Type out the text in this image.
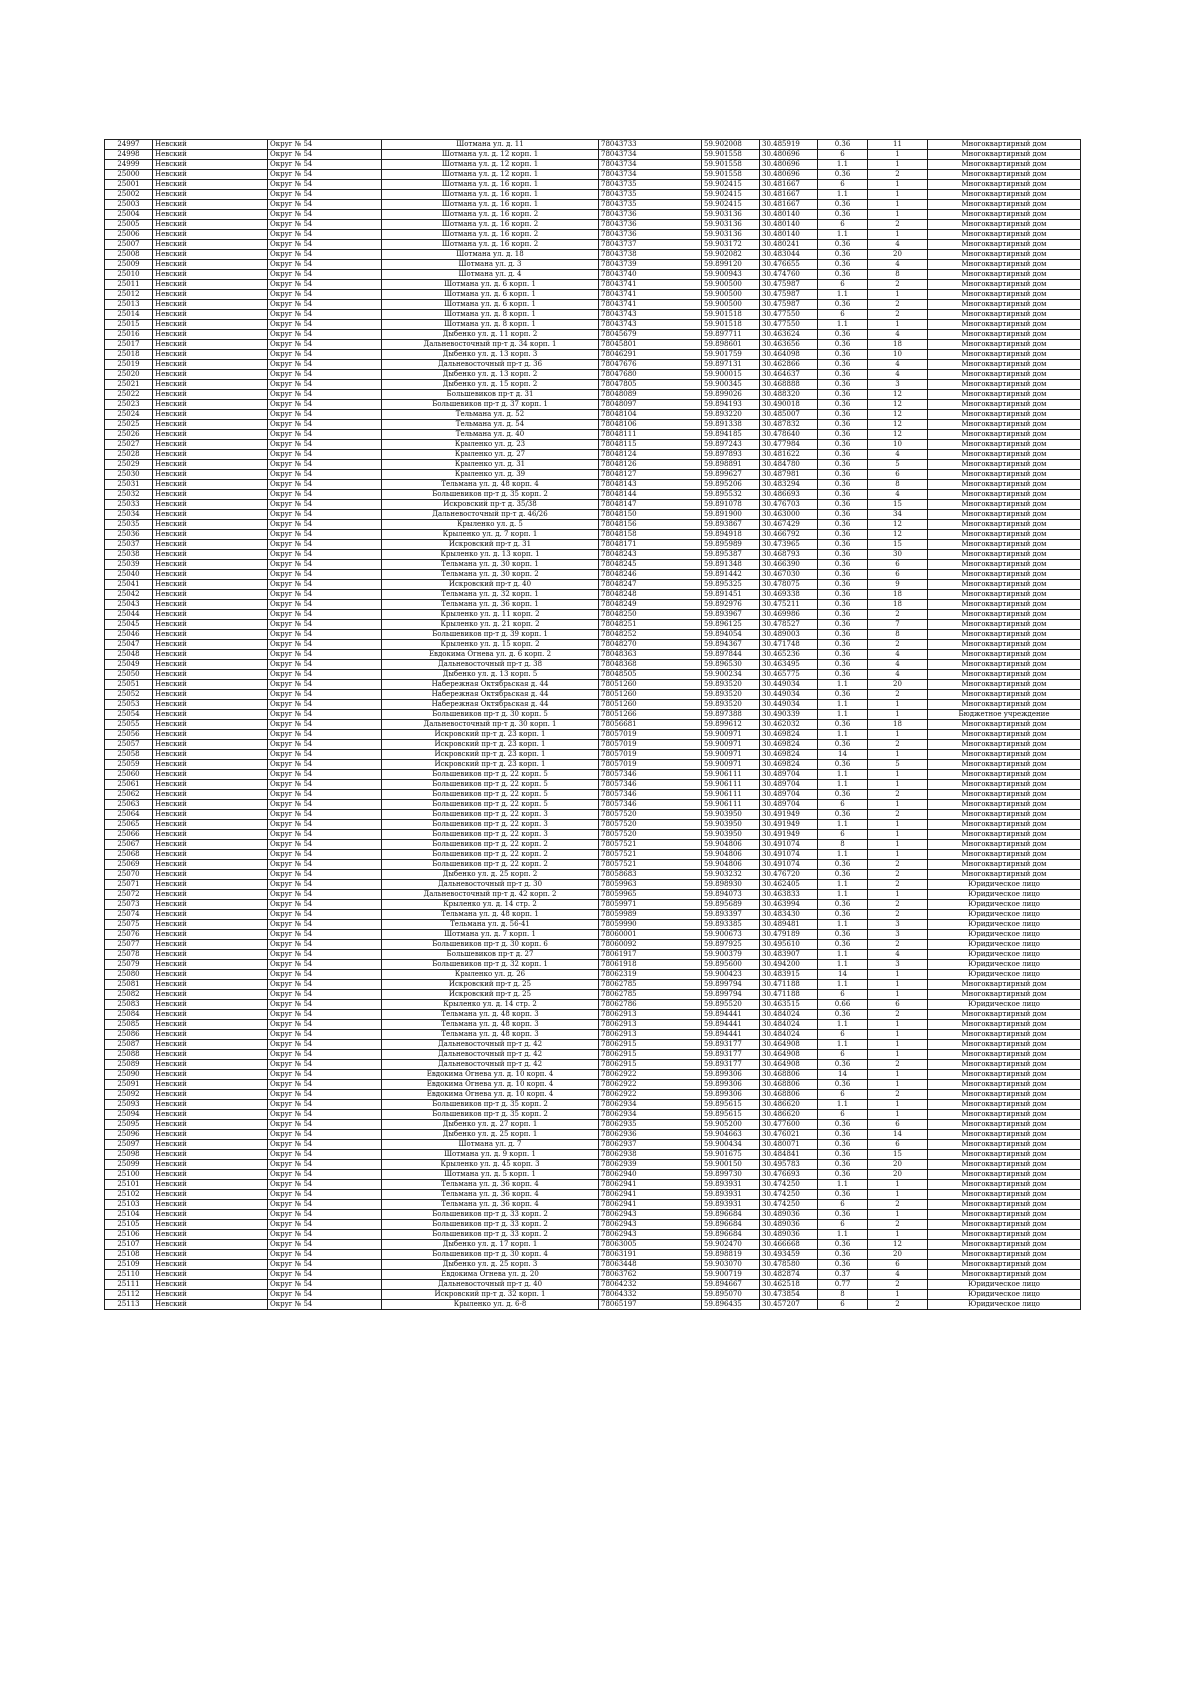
24997	Невский	Округ № 54	Шотмана ул. д. 11	78043733	59.902008	30.485919	0.36	11	Многоквартирный дом
24998	Невский	Округ № 54	Шотмана ул. д. 12 корп. 1	78043734	59.901558	30.480696	6	1	Многоквартирный дом
24999	Невский	Округ № 54	Шотмана ул. д. 12 корп. 1	78043734	59.901558	30.480696	1.1	1	Многоквартирный дом
25000	Невский	Округ № 54	Шотмана ул. д. 12 корп. 1	78043734	59.901558	30.480696	0.36	2	Многоквартирный дом
25001	Невский	Округ № 54	Шотмана ул. д. 16 корп. 1	78043735	59.902415	30.481667	6	1	Многоквартирный дом
25002	Невский	Округ № 54	Шотмана ул. д. 16 корп. 1	78043735	59.902415	30.481667	1.1	1	Многоквартирный дом
25003	Невский	Округ № 54	Шотмана ул. д. 16 корп. 1	78043735	59.902415	30.481667	0.36	1	Многоквартирный дом
25004	Невский	Округ № 54	Шотмана ул. д. 16 корп. 2	78043736	59.903136	30.480140	0.36	1	Многоквартирный дом
25005	Невский	Округ № 54	Шотмана ул. д. 16 корп. 2	78043736	59.903136	30.480140	6	2	Многоквартирный дом
25006	Невский	Округ № 54	Шотмана ул. д. 16 корп. 2	78043736	59.903136	30.480140	1.1	1	Многоквартирный дом
25007	Невский	Округ № 54	Шотмана ул. д. 16 корп. 2	78043737	59.903172	30.480241	0.36	4	Многоквартирный дом
25008	Невский	Округ № 54	Шотмана ул. д. 18	78043738	59.902082	30.483044	0.36	20	Многоквартирный дом
25009	Невский	Округ № 54	Шотмана ул. д. 3	78043739	59.899120	30.476655	0.36	4	Многоквартирный дом
25010	Невский	Округ № 54	Шотмана ул. д. 4	78043740	59.900943	30.474760	0.36	8	Многоквартирный дом
25011	Невский	Округ № 54	Шотмана ул. д. 6 корп. 1	78043741	59.900500	30.475987	6	2	Многоквартирный дом
25012	Невский	Округ № 54	Шотмана ул. д. 6 корп. 1	78043741	59.900500	30.475987	1.1	1	Многоквартирный дом
25013	Невский	Округ № 54	Шотмана ул. д. 6 корп. 1	78043741	59.900500	30.475987	0.36	2	Многоквартирный дом
25014	Невский	Округ № 54	Шотмана ул. д. 8 корп. 1	78043743	59.901518	30.477550	6	2	Многоквартирный дом
25015	Невский	Округ № 54	Шотмана ул. д. 8 корп. 1	78043743	59.901518	30.477550	1.1	1	Многоквартирный дом
25016	Невский	Округ № 54	Дыбенко ул. д. 11 корп. 2	78045679	59.897711	30.463624	0.36	4	Многоквартирный дом
25017	Невский	Округ № 54	Дальневосточный пр-т д. 34 корп. 1	78045801	59.898601	30.463656	0.36	18	Многоквартирный дом
25018	Невский	Округ № 54	Дыбенко ул. д. 13 корп. 3	78046291	59.901759	30.464098	0.36	10	Многоквартирный дом
25019	Невский	Округ № 54	Дальневосточный пр-т д. 36	78047676	59.897131	30.462866	0.36	4	Многоквартирный дом
25020	Невский	Округ № 54	Дыбенко ул. д. 13 корп. 2	78047680	59.900015	30.464637	0.36	4	Многоквартирный дом
25021	Невский	Округ № 54	Дыбенко ул. д. 15 корп. 2	78047805	59.900345	30.468888	0.36	3	Многоквартирный дом
25022	Невский	Округ № 54	Большевиков пр-т д. 31	78048089	59.899026	30.488320	0.36	12	Многоквартирный дом
25023	Невский	Округ № 54	Большевиков пр-т д. 37 корп. 1	78048097	59.894193	30.490018	0.36	12	Многоквартирный дом
25024	Невский	Округ № 54	Тельмана ул. д. 52	78048104	59.893220	30.485007	0.36	12	Многоквартирный дом
25025	Невский	Округ № 54	Тельмана ул. д. 54	78048106	59.891338	30.487832	0.36	12	Многоквартирный дом
25026	Невский	Округ № 54	Тельмана ул. д. 40	78048111	59.894185	30.478640	0.36	12	Многоквартирный дом
25027	Невский	Округ № 54	Крыленко ул. д. 23	78048115	59.897243	30.477984	0.36	10	Многоквартирный дом
25028	Невский	Округ № 54	Крыленко ул. д. 27	78048124	59.897893	30.481622	0.36	4	Многоквартирный дом
25029	Невский	Округ № 54	Крыленко ул. д. 31	78048126	59.898891	30.484780	0.36	5	Многоквартирный дом
25030	Невский	Округ № 54	Крыленко ул. д. 39	78048127	59.899627	30.487981	0.36	6	Многоквартирный дом
25031	Невский	Округ № 54	Тельмана ул. д. 48 корп. 4	78048143	59.895206	30.483294	0.36	8	Многоквартирный дом
25032	Невский	Округ № 54	Большевиков пр-т д. 35 корп. 2	78048144	59.895532	30.486693	0.36	4	Многоквартирный дом
25033	Невский	Округ № 54	Искровский пр-т д. 35/38	78048147	59.891078	30.476703	0.36	15	Многоквартирный дом
25034	Невский	Округ № 54	Дальневосточный пр-т д. 46/26	78048150	59.891900	30.463000	0.36	34	Многоквартирный дом
25035	Невский	Округ № 54	Крыленко ул. д. 5	78048156	59.893867	30.467429	0.36	12	Многоквартирный дом
25036	Невский	Округ № 54	Крыленко ул. д. 7 корп. 1	78048158	59.894918	30.466792	0.36	12	Многоквартирный дом
25037	Невский	Округ № 54	Искровский пр-т д. 31	78048171	59.895989	30.473965	0.36	15	Многоквартирный дом
25038	Невский	Округ № 54	Крыленко ул. д. 13 корп. 1	78048243	59.895387	30.468793	0.36	30	Многоквартирный дом
25039	Невский	Округ № 54	Тельмана ул. д. 30 корп. 1	78048245	59.891348	30.466390	0.36	6	Многоквартирный дом
25040	Невский	Округ № 54	Тельмана ул. д. 30 корп. 2	78048246	59.891442	30.467030	0.36	6	Многоквартирный дом
25041	Невский	Округ № 54	Искровский пр-т д. 40	78048247	59.895325	30.478075	0.36	9	Многоквартирный дом
25042	Невский	Округ № 54	Тельмана ул. д. 32 корп. 1	78048248	59.891451	30.469338	0.36	18	Многоквартирный дом
25043	Невский	Округ № 54	Тельмана ул. д. 36 корп. 1	78048249	59.892976	30.475211	0.36	18	Многоквартирный дом
25044	Невский	Округ № 54	Крыленко ул. д. 11 корп. 2	78048250	59.893967	30.469986	0.36	2	Многоквартирный дом
25045	Невский	Округ № 54	Крыленко ул. д. 21 корп. 2	78048251	59.896125	30.478527	0.36	7	Многоквартирный дом
25046	Невский	Округ № 54	Большевиков пр-т д. 39 корп. 1	78048252	59.894054	30.489003	0.36	8	Многоквартирный дом
25047	Невский	Округ № 54	Крыленко ул. д. 15 корп. 2	78048270	59.894367	30.471748	0.36	2	Многоквартирный дом
25048	Невский	Округ № 54	Евдокима Огнева ул. д. 6 корп. 2	78048363	59.897844	30.465236	0.36	4	Многоквартирный дом
25049	Невский	Округ № 54	Дальневосточный пр-т д. 38	78048368	59.896530	30.463495	0.36	4	Многоквартирный дом
25050	Невский	Округ № 54	Дыбенко ул. д. 13 корп. 5	78048505	59.900234	30.465775	0.36	4	Многоквартирный дом
25051	Невский	Округ № 54	Набережная Октябрьская д. 44	78051260	59.893520	30.449034	1.1	20	Многоквартирный дом
25052	Невский	Округ № 54	Набережная Октябрьская д. 44	78051260	59.893520	30.449034	0.36	2	Многоквартирный дом
25053	Невский	Округ № 54	Набережная Октябрьская д. 44	78051260	59.893520	30.449034	1.1	1	Многоквартирный дом
25054	Невский	Округ № 54	Большевиков пр-т д. 30 корп. 5	78051266	59.897388	30.490339	1.1	1	Бюджетное учреждение
25055	Невский	Округ № 54	Дальневосточный пр-т д. 30 корп. 1	78056681	59.899612	30.462032	0.36	18	Многоквартирный дом
25056	Невский	Округ № 54	Искровский пр-т д. 23 корп. 1	78057019	59.900971	30.469824	1.1	1	Многоквартирный дом
25057	Невский	Округ № 54	Искровский пр-т д. 23 корп. 1	78057019	59.900971	30.469824	0.36	2	Многоквартирный дом
25058	Невский	Округ № 54	Искровский пр-т д. 23 корп. 1	78057019	59.900971	30.469824	14	1	Многоквартирный дом
25059	Невский	Округ № 54	Искровский пр-т д. 23 корп. 1	78057019	59.900971	30.469824	0.36	5	Многоквартирный дом
25060	Невский	Округ № 54	Большевиков пр-т д. 22 корп. 5	78057346	59.906111	30.489704	1.1	1	Многоквартирный дом
25061	Невский	Округ № 54	Большевиков пр-т д. 22 корп. 5	78057346	59.906111	30.489704	1.1	1	Многоквартирный дом
25062	Невский	Округ № 54	Большевиков пр-т д. 22 корп. 5	78057346	59.906111	30.489704	0.36	2	Многоквартирный дом
25063	Невский	Округ № 54	Большевиков пр-т д. 22 корп. 5	78057346	59.906111	30.489704	6	1	Многоквартирный дом
25064	Невский	Округ № 54	Большевиков пр-т д. 22 корп. 3	78057520	59.903950	30.491949	0.36	2	Многоквартирный дом
25065	Невский	Округ № 54	Большевиков пр-т д. 22 корп. 3	78057520	59.903950	30.491949	1.1	1	Многоквартирный дом
25066	Невский	Округ № 54	Большевиков пр-т д. 22 корп. 3	78057520	59.903950	30.491949	6	1	Многоквартирный дом
25067	Невский	Округ № 54	Большевиков пр-т д. 22 корп. 2	78057521	59.904806	30.491074	8	1	Многоквартирный дом
25068	Невский	Округ № 54	Большевиков пр-т д. 22 корп. 2	78057521	59.904806	30.491074	1.1	1	Многоквартирный дом
25069	Невский	Округ № 54	Большевиков пр-т д. 22 корп. 2	78057521	59.904806	30.491074	0.36	2	Многоквартирный дом
25070	Невский	Округ № 54	Дыбенко ул. д. 25 корп. 2	78058683	59.903232	30.476720	0.36	2	Многоквартирный дом
25071	Невский	Округ № 54	Дальневосточный пр-т д. 30	78059963	59.898930	30.462405	1.1	2	Юридическое лицо
25072	Невский	Округ № 54	Дальневосточный пр-т д. 42 корп. 2	78059965	59.894073	30.463833	1.1	1	Юридическое лицо
25073	Невский	Округ № 54	Крыленко ул. д. 14 стр. 2	78059971	59.895689	30.463994	0.36	2	Юридическое лицо
25074	Невский	Округ № 54	Тельмана ул. д. 48 корп. 1	78059989	59.893397	30.483430	0.36	2	Юридическое лицо
25075	Невский	Округ № 54	Тельмана ул. д. 56-41	78059990	59.893385	30.489481	1.1	3	Юридическое лицо
25076	Невский	Округ № 54	Шотмана ул. д. 7 корп. 1	78060001	59.900673	30.479189	0.36	3	Юридическое лицо
25077	Невский	Округ № 54	Большевиков пр-т д. 30 корп. 6	78060092	59.897925	30.495610	0.36	2	Юридическое лицо
25078	Невский	Округ № 54	Большевиков пр-т д. 27	78061917	59.900379	30.483907	1.1	4	Юридическое лицо
25079	Невский	Округ № 54	Большевиков пр-т д. 32 корп. 1	78061918	59.895600	30.494200	1.1	3	Юридическое лицо
25080	Невский	Округ № 54	Крыленко ул. д. 26	78062319	59.900423	30.483915	14	1	Юридическое лицо
25081	Невский	Округ № 54	Искровский пр-т д. 25	78062785	59.899794	30.471188	1.1	1	Многоквартирный дом
25082	Невский	Округ № 54	Искровский пр-т д. 25	78062785	59.899794	30.471188	6	1	Многоквартирный дом
25083	Невский	Округ № 54	Крыленко ул. д. 14 стр. 2	78062786	59.895520	30.463515	0.66	6	Юридическое лицо
25084	Невский	Округ № 54	Тельмана ул. д. 48 корп. 3	78062913	59.894441	30.484024	0.36	2	Многоквартирный дом
25085	Невский	Округ № 54	Тельмана ул. д. 48 корп. 3	78062913	59.894441	30.484024	1.1	1	Многоквартирный дом
25086	Невский	Округ № 54	Тельмана ул. д. 48 корп. 3	78062913	59.894441	30.484024	6	1	Многоквартирный дом
25087	Невский	Округ № 54	Дальневосточный пр-т д. 42	78062915	59.893177	30.464908	1.1	1	Многоквартирный дом
25088	Невский	Округ № 54	Дальневосточный пр-т д. 42	78062915	59.893177	30.464908	6	1	Многоквартирный дом
25089	Невский	Округ № 54	Дальневосточный пр-т д. 42	78062915	59.893177	30.464908	0.36	2	Многоквартирный дом
25090	Невский	Округ № 54	Евдокима Огнева ул. д. 10 корп. 4	78062922	59.899306	30.468806	14	1	Многоквартирный дом
25091	Невский	Округ № 54	Евдокима Огнева ул. д. 10 корп. 4	78062922	59.899306	30.468806	0.36	1	Многоквартирный дом
25092	Невский	Округ № 54	Евдокима Огнева ул. д. 10 корп. 4	78062922	59.899306	30.468806	6	2	Многоквартирный дом
25093	Невский	Округ № 54	Большевиков пр-т д. 35 корп. 2	78062934	59.895615	30.486620	1.1	1	Многоквартирный дом
25094	Невский	Округ № 54	Большевиков пр-т д. 35 корп. 2	78062934	59.895615	30.486620	6	1	Многоквартирный дом
25095	Невский	Округ № 54	Дыбенко ул. д. 27 корп. 1	78062935	59.905200	30.477600	0.36	6	Многоквартирный дом
25096	Невский	Округ № 54	Дыбенко ул. д. 25 корп. 1	78062936	59.904663	30.476021	0.36	14	Многоквартирный дом
25097	Невский	Округ № 54	Шотмана ул. д. 7	78062937	59.900434	30.480071	0.36	6	Многоквартирный дом
25098	Невский	Округ № 54	Шотмана ул. д. 9 корп. 1	78062938	59.901675	30.484841	0.36	15	Многоквартирный дом
25099	Невский	Округ № 54	Крыленко ул. д. 45 корп. 3	78062939	59.900150	30.495783	0.36	20	Многоквартирный дом
25100	Невский	Округ № 54	Шотмана ул. д. 5 корп. 1	78062940	59.899730	30.476693	0.36	20	Многоквартирный дом
25101	Невский	Округ № 54	Тельмана ул. д. 36 корп. 4	78062941	59.893931	30.474250	1.1	1	Многоквартирный дом
25102	Невский	Округ № 54	Тельмана ул. д. 36 корп. 4	78062941	59.893931	30.474250	0.36	1	Многоквартирный дом
25103	Невский	Округ № 54	Тельмана ул. д. 36 корп. 4	78062941	59.893931	30.474250	6	2	Многоквартирный дом
25104	Невский	Округ № 54	Большевиков пр-т д. 33 корп. 2	78062943	59.896684	30.489036	0.36	1	Многоквартирный дом
25105	Невский	Округ № 54	Большевиков пр-т д. 33 корп. 2	78062943	59.896684	30.489036	6	2	Многоквартирный дом
25106	Невский	Округ № 54	Большевиков пр-т д. 33 корп. 2	78062943	59.896684	30.489036	1.1	1	Многоквартирный дом
25107	Невский	Округ № 54	Дыбенко ул. д. 17 корп. 1	78063005	59.902470	30.466668	0.36	12	Многоквартирный дом
25108	Невский	Округ № 54	Большевиков пр-т д. 30 корп. 4	78063191	59.898819	30.493459	0.36	20	Многоквартирный дом
25109	Невский	Округ № 54	Дыбенко ул. д. 25 корп. 3	78063448	59.903070	30.478580	0.36	6	Многоквартирный дом
25110	Невский	Округ № 54	Евдокима Огнева ул. д. 20	78063762	59.900719	30.482874	0.37	4	Многоквартирный дом
25111	Невский	Округ № 54	Дальневосточный пр-т д. 40	78064232	59.894667	30.462518	0.77	2	Юридическое лицо
25112	Невский	Округ № 54	Искровский пр-т д. 32 корп. 1	78064332	59.895070	30.473854	8	1	Юридическое лицо
25113	Невский	Округ № 54	Крыленко ул. д. 6-8	78065197	59.896435	30.457207	6	2	Юридическое лицо
